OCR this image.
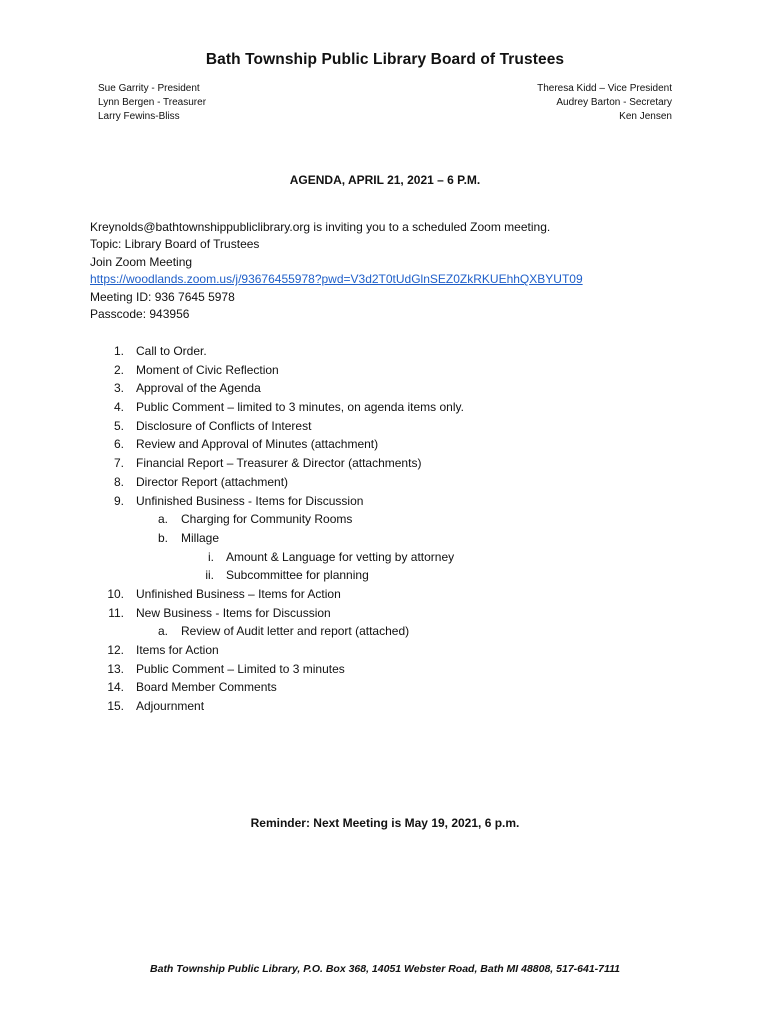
Bath Township Public Library Board of Trustees
Sue Garrity - President
Lynn Bergen - Treasurer
Larry Fewins-Bliss
Theresa Kidd – Vice President
Audrey Barton - Secretary
Ken Jensen
AGENDA, APRIL 21, 2021 – 6 P.M.
Kreynolds@bathtownshippubliclibrary.org is inviting you to a scheduled Zoom meeting.
Topic: Library Board of Trustees
Join Zoom Meeting
https://woodlands.zoom.us/j/93676455978?pwd=V3d2T0tUdGlnSEZ0ZkRKUEhhQXBYUT09
Meeting ID: 936 7645 5978
Passcode: 943956
1. Call to Order.
2. Moment of Civic Reflection
3. Approval of the Agenda
4. Public Comment – limited to 3 minutes, on agenda items only.
5. Disclosure of Conflicts of Interest
6. Review and Approval of Minutes (attachment)
7. Financial Report – Treasurer & Director (attachments)
8. Director Report (attachment)
9. Unfinished Business - Items for Discussion
a. Charging for Community Rooms
b. Millage
i. Amount & Language for vetting by attorney
ii. Subcommittee for planning
10. Unfinished Business – Items for Action
11. New Business - Items for Discussion
a. Review of Audit letter and report (attached)
12. Items for Action
13. Public Comment – Limited to 3 minutes
14. Board Member Comments
15. Adjournment
Reminder: Next Meeting is May 19, 2021, 6 p.m.
Bath Township Public Library, P.O. Box 368, 14051 Webster Road, Bath MI 48808, 517-641-7111
